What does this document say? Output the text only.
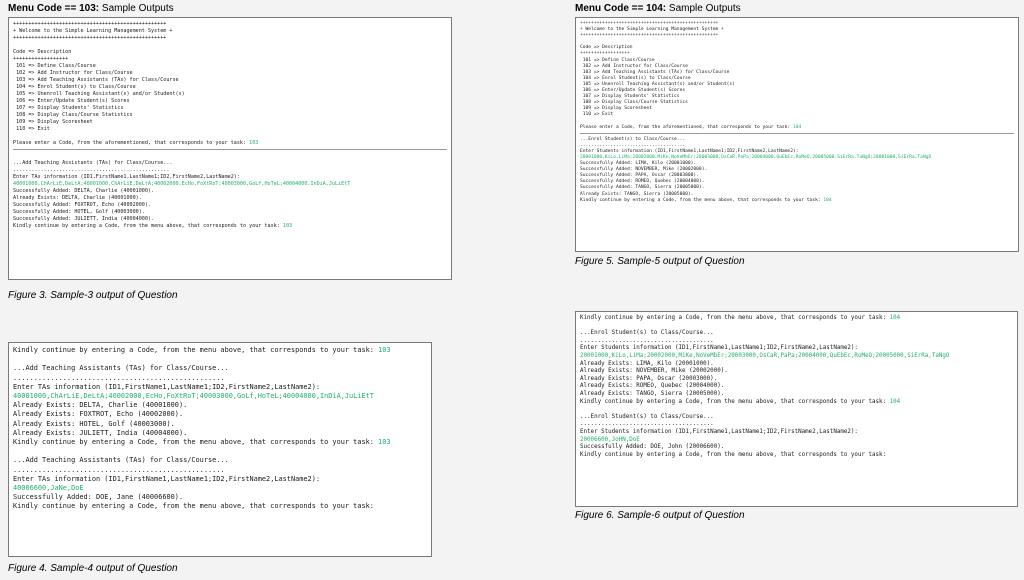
Menu Code == 103: Sample Outputs	Menu Code == 104: Sample Outputs
++++++++++++++++++++++++++++++++++++++++++++++++++
+ Welcome to the Simple Learning Management System +
++++++++++++++++++++++++++++++++++++++++++++++++++

Code => Description
++++++++++++++++++
101 => Define Class/Course
102 => Add Instructor for Class/Course
103 => Add Teaching Assistants (TAs) for Class/Course
104 => Enrol Student(s) to Class/Course
105 => Unenroll Teaching Assistant(s) and/or Student(s)
106 => Enter/Update Student(s) Scores
107 => Display Students' Statistics
108 => Display Class/Course Statistics
109 => Display Scoresheet
110 => Exit

Please enter a Code, from the aforementioned, that corresponds to your task: 103

...Add Teaching Assistants (TAs) for Class/Course...
...................................................
Enter TAs information (ID1,FirstName1,LastName1;ID2,FirstName2,LastName2):
40001000,ChArLiE,DeLtA;40001000,ChArLiE,DeLtA;40002000,EcHo,FoXtRoT;40003000,GoLf,HoTeL;40004000,InDiA,JuLiEtT
Successfully Added: DELTA, Charlie (40001000).
Already Exists: DELTA, Charlie (40001000).
Successfully Added: FOXTROT, Echo (40002000).
Successfully Added: HOTEL, Golf (40003000).
Successfully Added: JULIETT, India (40004000).
Kindly continue by entering a Code, from the menu above, that corresponds to your task: 103
Figure 3. Sample-3 output of Question
Kindly continue by entering a Code, from the menu above, that corresponds to your task: 103

...Add Teaching Assistants (TAs) for Class/Course...
...................................................
Enter TAs information (ID1,FirstName1,LastName1;ID2,FirstName2,LastName2):
40001000,ChArLiE,DeLtA;40002000,EcHo,FoXtRoT;40003000,GoLf,HoTeL;40004000,InDiA,JuLiEtT
Already Exists: DELTA, Charlie (40001000).
Already Exists: FOXTROT, Echo (40002000).
Already Exists: HOTEL, Golf (40003000).
Already Exists: JULIETT, India (40004000).
Kindly continue by entering a Code, from the menu above, that corresponds to your task: 103

...Add Teaching Assistants (TAs) for Class/Course...
...................................................
Enter TAs information (ID1,FirstName1,LastName1;ID2,FirstName2,LastName2):
40006600,JaNe,DoE
Successfully Added: DOE, Jane (40006600).
Kindly continue by entering a Code, from the menu above, that corresponds to your task:
Figure 4. Sample-4 output of Question
++++++++++++++++++++++++++++++++++++++++++++++++++
+ Welcome to the Simple Learning Management System +
++++++++++++++++++++++++++++++++++++++++++++++++++

Code => Description
++++++++++++++++++
101 => Define Class/Course
102 => Add Instructor for Class/Course
103 => Add Teaching Assistants (TAs) for Class/Course
104 => Enrol Student(s) to Class/Course
105 => Unenroll Teaching Assistant(s) and/or Student(s)
106 => Enter/Update Student(s) Scores
107 => Display Students' Statistics
108 => Display Class/Course Statistics
109 => Display Scoresheet
110 => Exit

Please enter a Code, from the aforementioned, that corresponds to your task: 104
...Enrol Student(s) to Class/Course...
......................................
Enter Students information (ID1,FirstName1,LastName1;ID2,FirstName2,LastName2):
20001000,KiLo,LiMa;20002000,MiKe,NoVeMbEr;20003000,OsCaR,PaPa;20004000,QuEbEc,RoMeO;20005000,SiErRa,TaNgO;20001000,SiErRa,TaNgO
Successfully Added: LIMA, Kilo (20001000).
Successfully Added: NOVEMBER, Mike (20002000).
Successfully Added: PAPA, Oscar (20003000).
Successfully Added: ROMEO, Quebec (20004000).
Successfully Added: TANGO, Sierra (20005000).
Already Exists: TANGO, Sierra (20005000).
Kindly continue by entering a Code, from the menu above, that corresponds to your task: 104
Figure 5. Sample-5 output of Question
Kindly continue by entering a Code, from the menu above, that corresponds to your task: 104

...Enrol Student(s) to Class/Course...
......................................
Enter Students information (ID1,FirstName1,LastName1;ID2,FirstName2,LastName2):
20001000,KiLo,LiMa;20002000,MiKe,NoVeMbEr;20003000,OsCaR,PaPa;20004000,QuEbEc,RoMeO;20005000,SiErRa,TaNgO
Already Exists: LIMA, Kilo (20001000).
Already Exists: NOVEMBER, Mike (20002000).
Already Exists: PAPA, Oscar (20003000).
Already Exists: ROMEO, Quebec (20004000).
Already Exists: TANGO, Sierra (20005000).
Kindly continue by entering a Code, from the menu above, that corresponds to your task: 104

...Enrol Student(s) to Class/Course...
......................................
Enter Students information (ID1,FirstName1,LastName1;ID2,FirstName2,LastName2):
20006600,JoHN,DoE
Successfully Added: DOE, John (20006600).
Kindly continue by entering a Code, from the menu above, that corresponds to your task:
Figure 6. Sample-6 output of Question
